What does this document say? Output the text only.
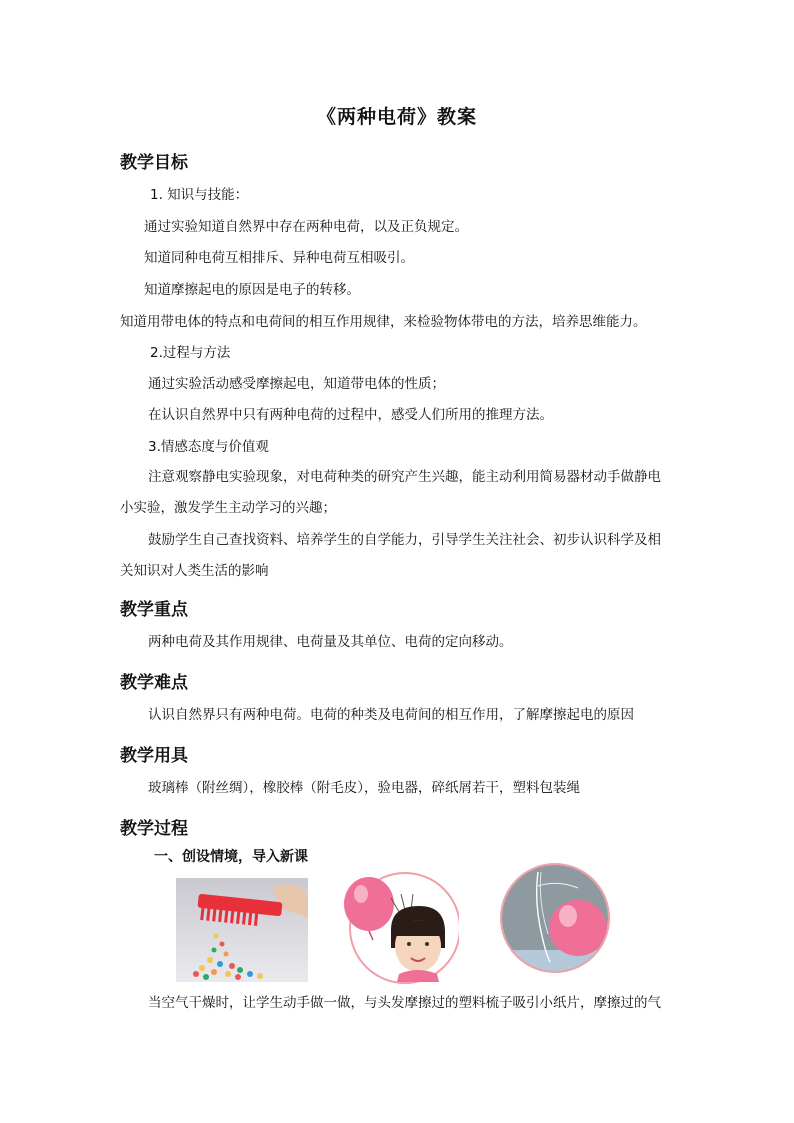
《两种电荷》教案
教学目标
1. 知识与技能：
通过实验知道自然界中存在两种电荷，以及正负规定。
知道同种电荷互相排斥、异种电荷互相吸引。
知道摩擦起电的原因是电子的转移。
知道用带电体的特点和电荷间的相互作用规律，来检验物体带电的方法，培养思维能力。
2.过程与方法
通过实验活动感受摩擦起电，知道带电体的性质；
在认识自然界中只有两种电荷的过程中，感受人们所用的推理方法。
3.情感态度与价值观
注意观察静电实验现象，对电荷种类的研究产生兴趣，能主动利用简易器材动手做静电
小实验，激发学生主动学习的兴趣；
鼓励学生自己查找资料、培养学生的自学能力，引导学生关注社会、初步认识科学及相
关知识对人类生活的影响
教学重点
两种电荷及其作用规律、电荷量及其单位、电荷的定向移动。
教学难点
认识自然界只有两种电荷。电荷的种类及电荷间的相互作用，了解摩擦起电的原因
教学用具
玻璃棒（附丝绸），橡胶棒（附毛皮），验电器，碎纸屑若干，塑料包装绳
教学过程
一、创设情境，导入新课
当空气干燥时，让学生动手做一做，与头发摩擦过的塑料梳子吸引小纸片，摩擦过的气
